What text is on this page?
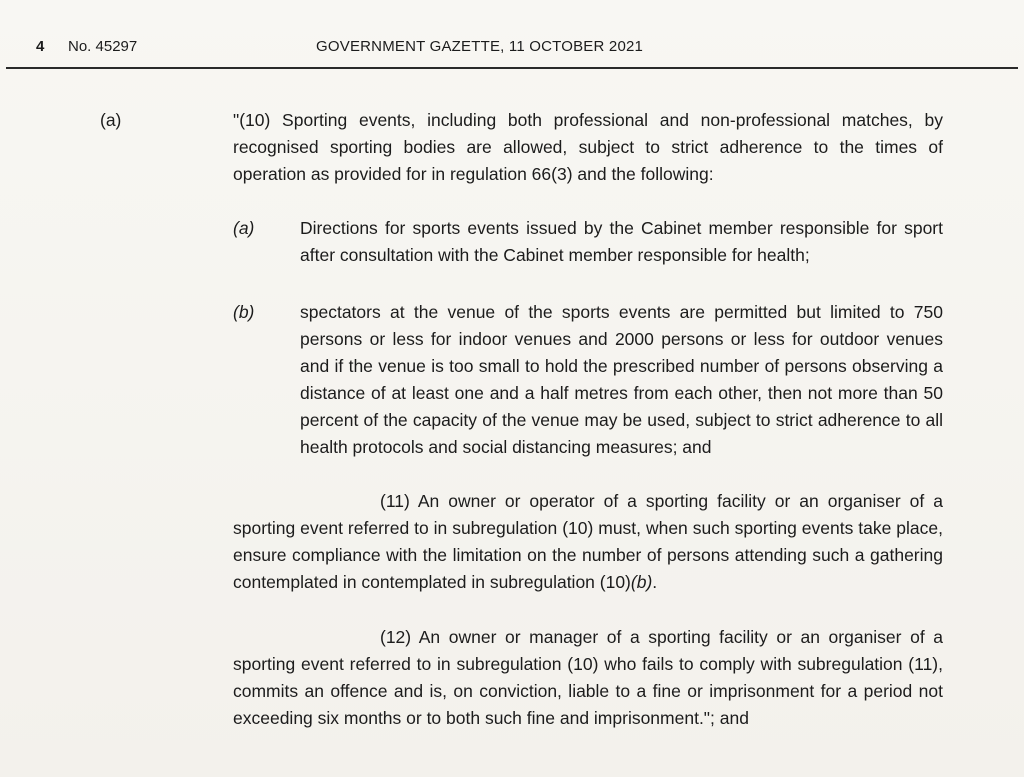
4 No. 45297	GOVERNMENT GAZETTE, 11 OCTOBER 2021
(a)	"(10) Sporting events, including both professional and non-professional matches, by recognised sporting bodies are allowed, subject to strict adherence to the times of operation as provided for in regulation 66(3) and the following:
(a)	Directions for sports events issued by the Cabinet member responsible for sport after consultation with the Cabinet member responsible for health;
(b)	spectators at the venue of the sports events are permitted but limited to 750 persons or less for indoor venues and 2000 persons or less for outdoor venues and if the venue is too small to hold the prescribed number of persons observing a distance of at least one and a half metres from each other, then not more than 50 percent of the capacity of the venue may be used, subject to strict adherence to all health protocols and social distancing measures; and
(11) An owner or operator of a sporting facility or an organiser of a sporting event referred to in subregulation (10) must, when such sporting events take place, ensure compliance with the limitation on the number of persons attending such a gathering contemplated in contemplated in subregulation (10)(b).
(12) An owner or manager of a sporting facility or an organiser of a sporting event referred to in subregulation (10) who fails to comply with subregulation (11), commits an offence and is, on conviction, liable to a fine or imprisonment for a period not exceeding six months or to both such fine and imprisonment."; and
